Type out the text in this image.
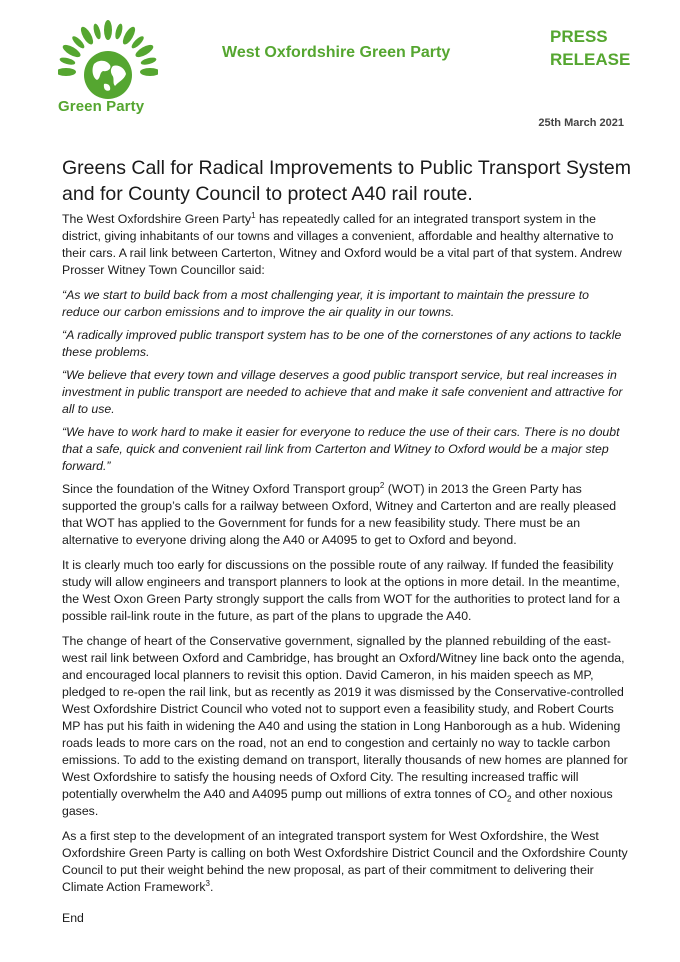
Green Party
West Oxfordshire Green Party
PRESS
RELEASE
25th March 2021
Greens Call for Radical Improvements to Public Transport System and for County Council to protect A40 rail route.

The West Oxfordshire Green Party$^1$ has repeatedly called for an integrated transport system in the district, giving inhabitants of our towns and villages a convenient, affordable and healthy alternative to their cars. A rail link between Carterton, Witney and Oxford would be a vital part of that system. Andrew Prosser Witney Town Councillor said:

“As we start to build back from a most challenging year, it is important to maintain the pressure to reduce our carbon emissions and to improve the air quality in our towns.

“A radically improved public transport system has to be one of the cornerstones of any actions to tackle these problems.

“We believe that every town and village deserves a good public transport service, but real increases in investment in public transport are needed to achieve that and make it safe convenient and attractive for all to use.

“We have to work hard to make it easier for everyone to reduce the use of their cars. There is no doubt that a safe, quick and convenient rail link from Carterton and Witney to Oxford would be a major step forward.”

Since the foundation of the Witney Oxford Transport group$^2$ (WOT) in 2013 the Green Party has supported the group’s calls for a railway between Oxford, Witney and Carterton and are really pleased that WOT has applied to the Government for funds for a new feasibility study. There must be an alternative to everyone driving along the A40 or A4095 to get to Oxford and beyond.

It is clearly much too early for discussions on the possible route of any railway. If funded the feasibility study will allow engineers and transport planners to look at the options in more detail. In the meantime, the West Oxon Green Party strongly support the calls from WOT for the authorities to protect land for a possible rail-link route in the future, as part of the plans to upgrade the A40.

The change of heart of the Conservative government, signalled by the planned rebuilding of the east-west rail link between Oxford and Cambridge, has brought an Oxford/Witney line back onto the agenda, and encouraged local planners to revisit this option. David Cameron, in his maiden speech as MP, pledged to re-open the rail link, but as recently as 2019 it was dismissed by the Conservative-controlled West Oxfordshire District Council who voted not to support even a feasibility study, and Robert Courts MP has put his faith in widening the A40 and using the station in Long Hanborough as a hub. Widening roads leads to more cars on the road, not an end to congestion and certainly no way to tackle carbon emissions. To add to the existing demand on transport, literally thousands of new homes are planned for West Oxfordshire to satisfy the housing needs of Oxford City. The resulting increased traffic will potentially overwhelm the A40 and A4095 pump out millions of extra tonnes of $CO_2$ and other noxious gases.

As a first step to the development of an integrated transport system for West Oxfordshire, the West Oxfordshire Green Party is calling on both West Oxfordshire District Council and the Oxfordshire County Council to put their weight behind the new proposal, as part of their commitment to delivering their Climate Action Framework$^3$.

End
